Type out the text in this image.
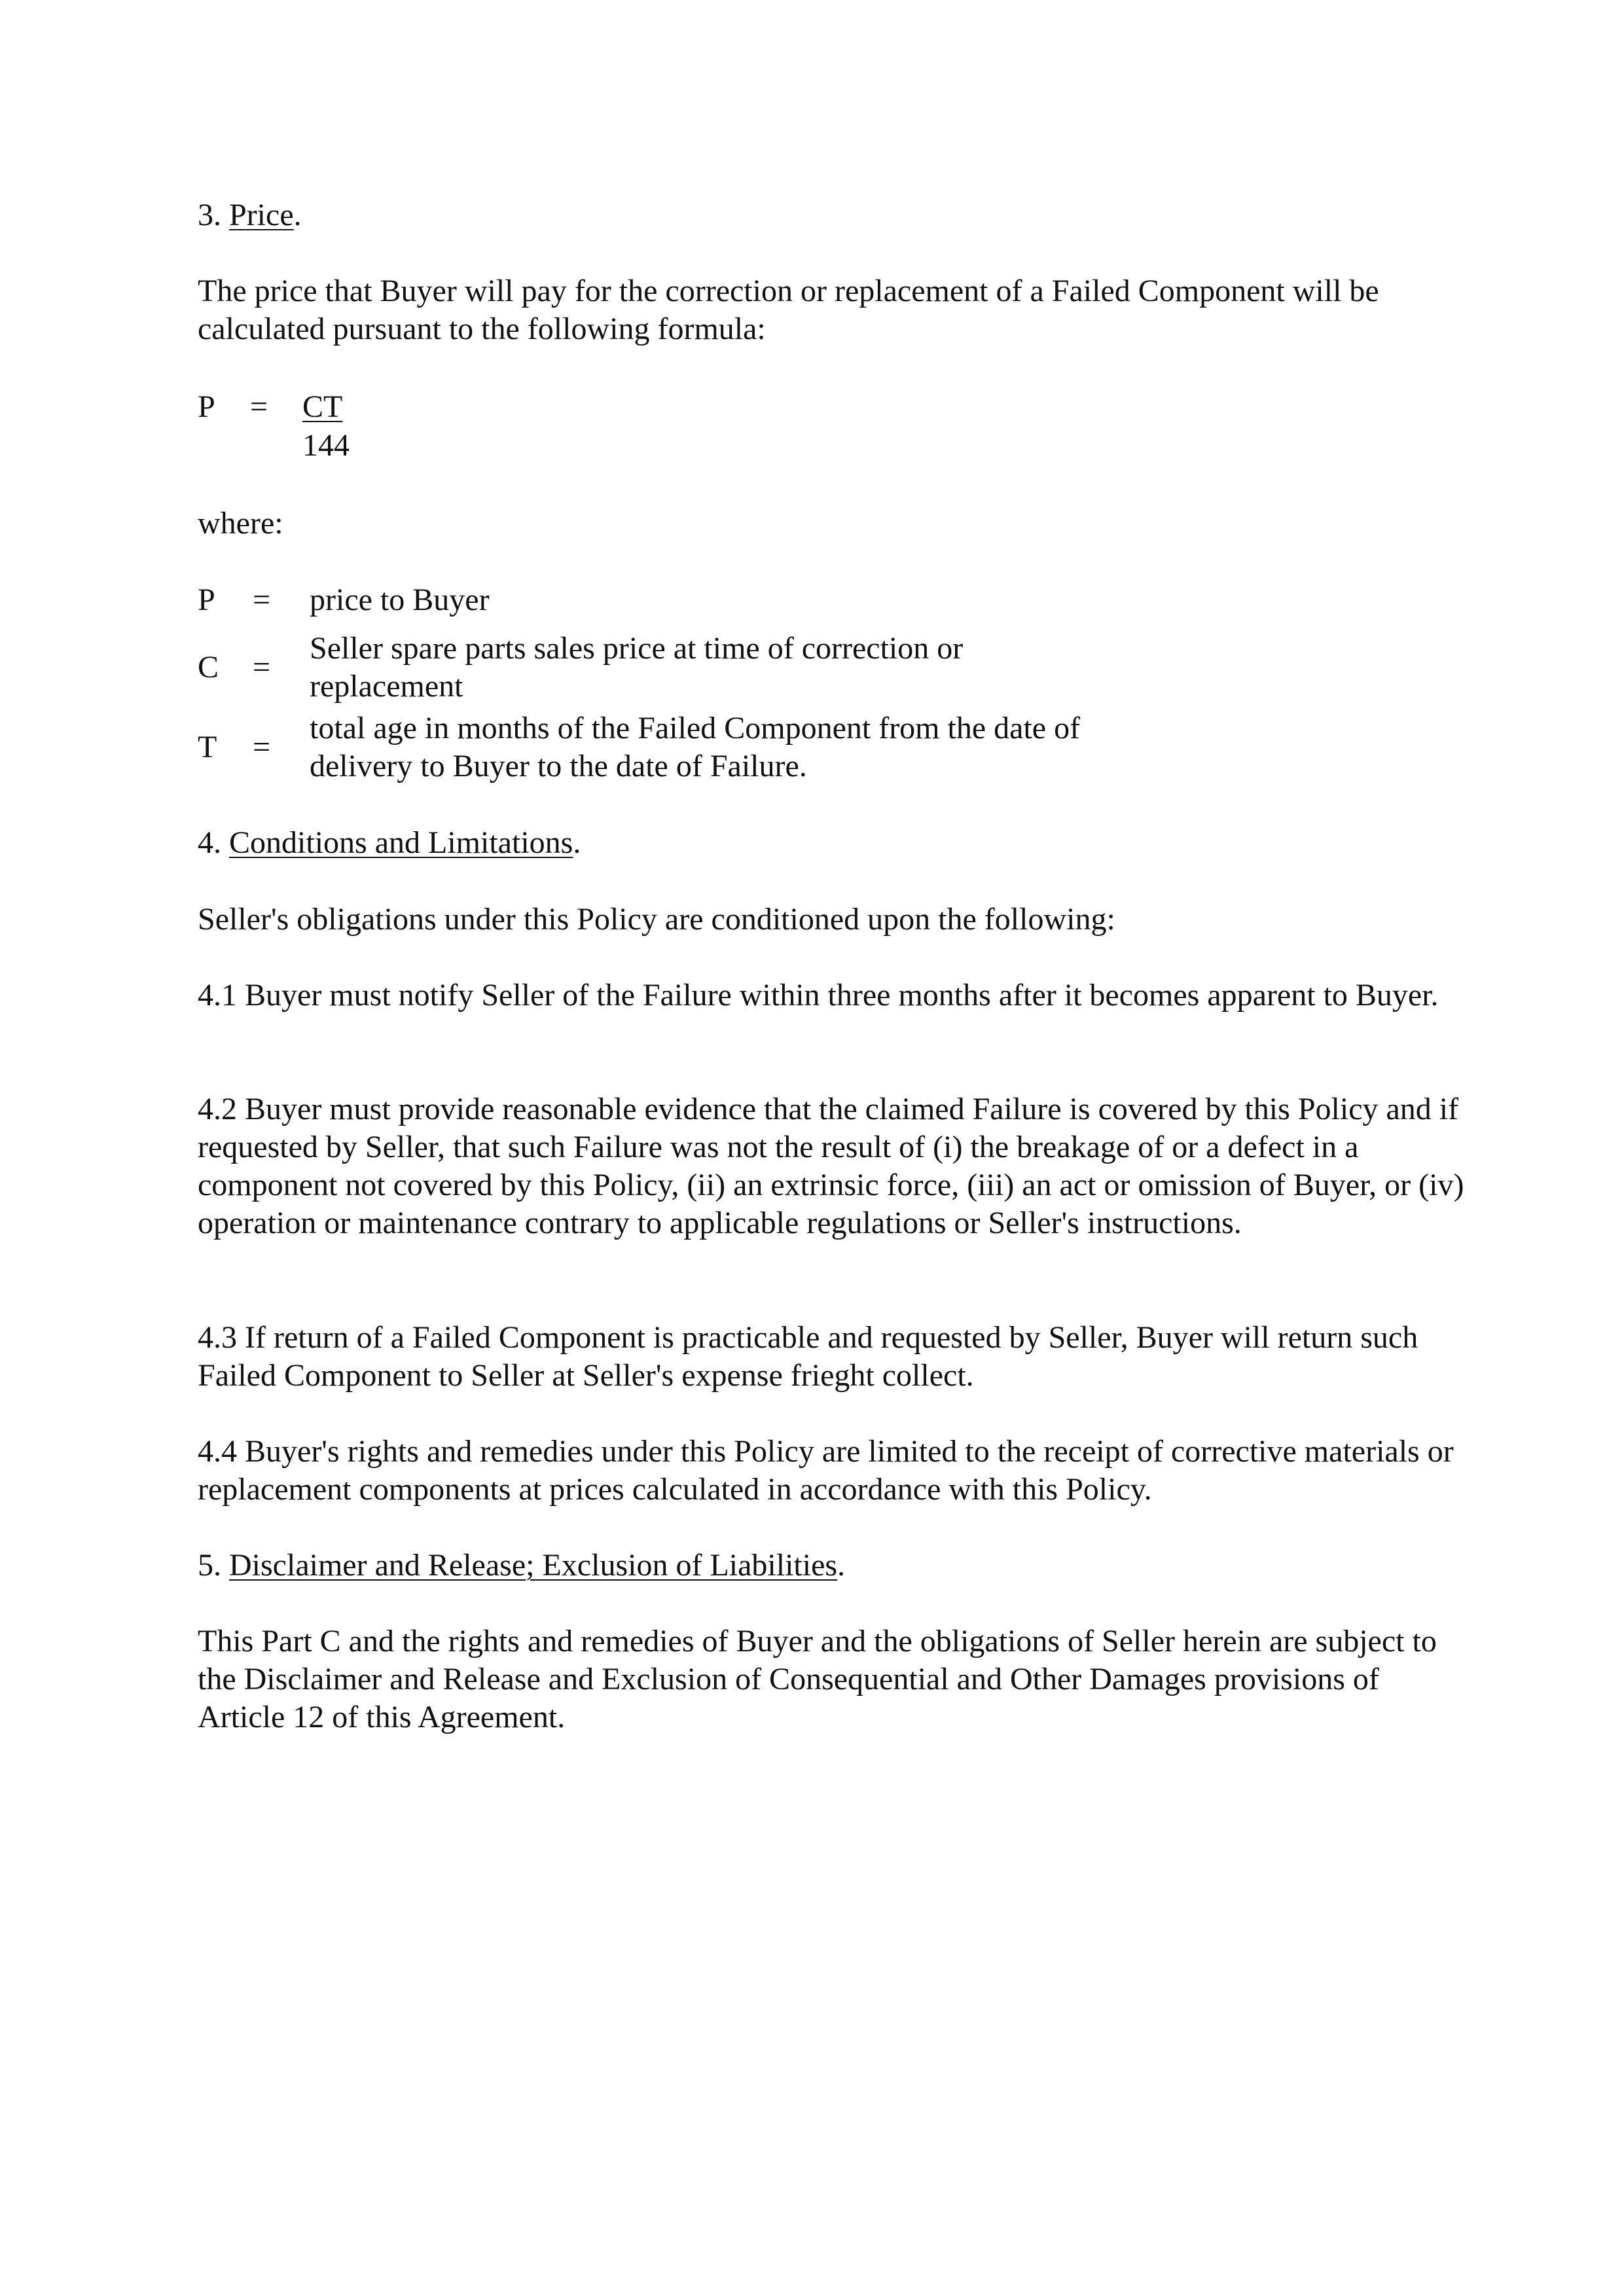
3. Price.

The price that Buyer will pay for the correction or replacement of a Failed Component will be calculated pursuant to the following formula:

P = CT
144
where:
P = price to Buyer
C =
Seller spare parts sales price at time of correction or
replacement
T =
total age in months of the Failed Component from the date of
delivery to Buyer to the date of Failure.
4. Conditions and Limitations.

Seller's obligations under this Policy are conditioned upon the following:

4.1 Buyer must notify Seller of the Failure within three months after it becomes apparent to Buyer.

4.2 Buyer must provide reasonable evidence that the claimed Failure is covered by this Policy and if requested by Seller, that such Failure was not the result of (i) the breakage of or a defect in a component not covered by this Policy, (ii) an extrinsic force, (iii) an act or omission of Buyer, or (iv) operation or maintenance contrary to applicable regulations or Seller's instructions.

4.3 If return of a Failed Component is practicable and requested by Seller, Buyer will return such Failed Component to Seller at Seller's expense frieght collect.

4.4 Buyer's rights and remedies under this Policy are limited to the receipt of corrective materials or replacement components at prices calculated in accordance with this Policy.

5. Disclaimer and Release; Exclusion of Liabilities.

This Part C and the rights and remedies of Buyer and the obligations of Seller herein are subject to the Disclaimer and Release and Exclusion of Consequential and Other Damages provisions of Article 12 of this Agreement.
